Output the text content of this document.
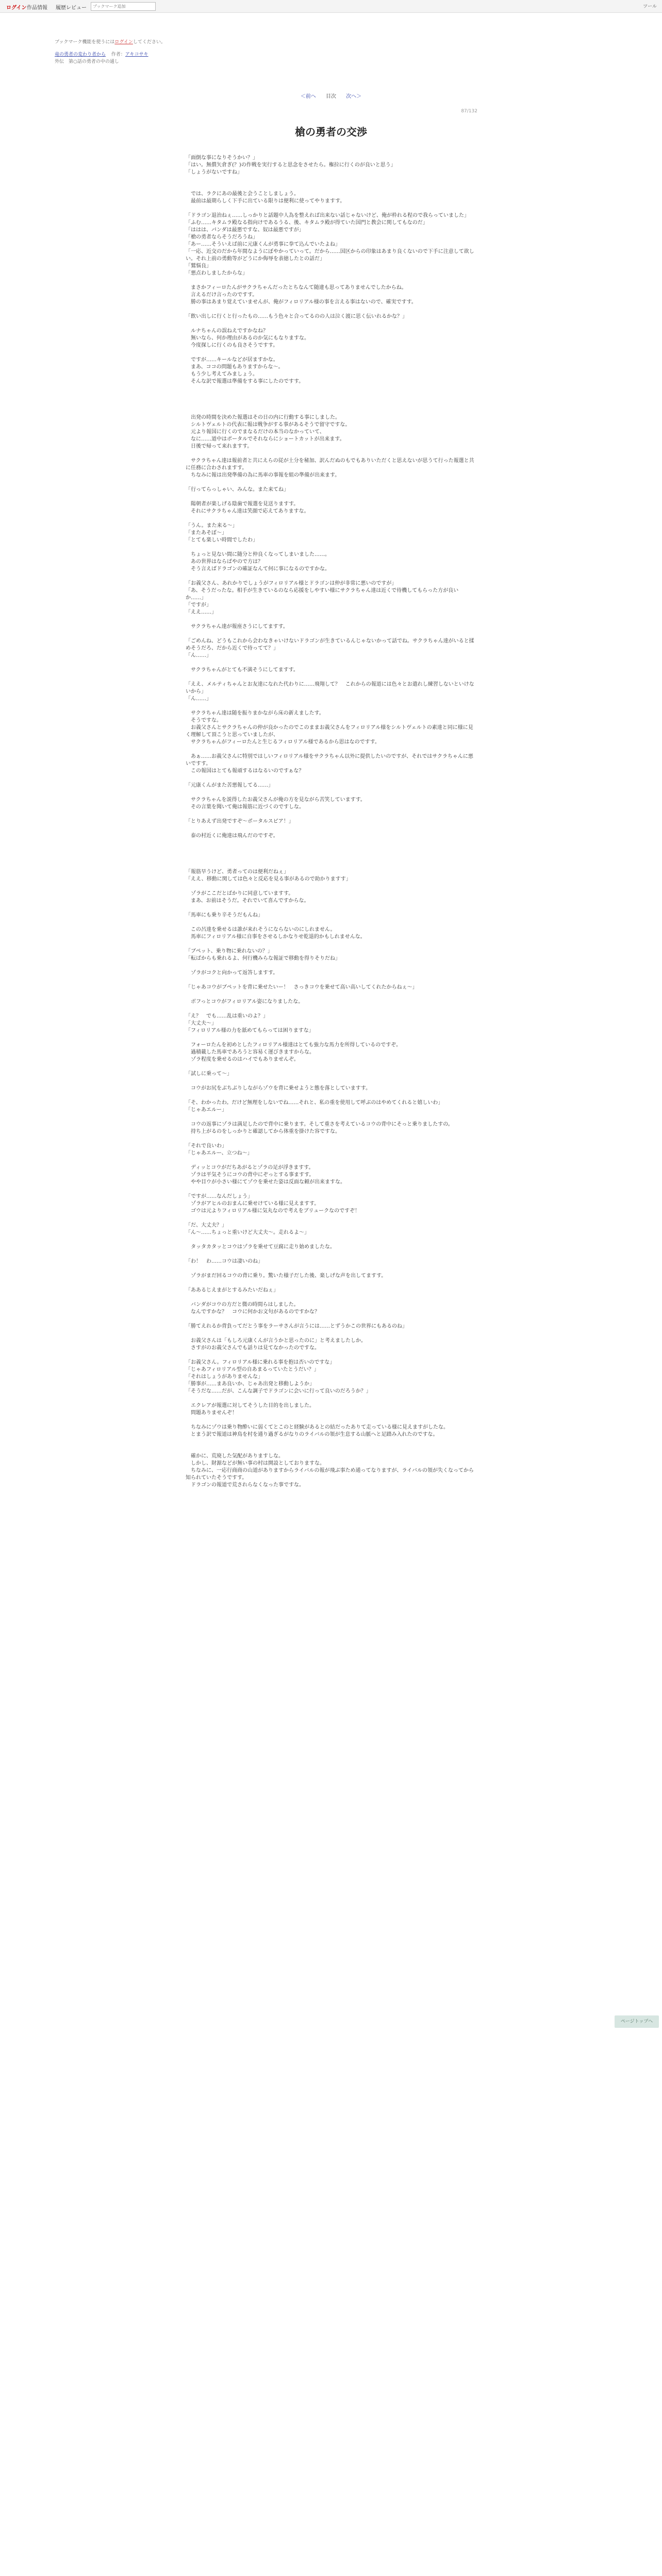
ログイン 作品情報 履歴 レビュー
ブックマーク追加	ツール
ブックマーク機能を使うにはログインしてください。
竜の勇者の変わり者から 作者：アキコサキ
外伝　第○話の勇者の中の通し
＜前へ 目次 次へ＞
87/132
槍の勇者の交渉

「面倒な事になりそうかい？」

「はい。無償矢倉ぎ(？)の作戦を実行すると思念をさせたら。権拉に行くのが良いと思う」

「しょうがないですね」

　では、ラクにあの最後と会うことしましょう。

　最前は最期らしく下手に出ている限りは便利に使ってやりますす。

「ドラゴン退治ねぇ……しっかりと話題中人為を整えれば出来ない話じゃないけど、俺が枠れる程ので我らっていました」

「ふむ……キタムラ殿なる指向けであるうる、後、キタムラ殿が得ていた国門と教会に関してもなのだ」

「ははは、パンダは最悪ですな、奴は最悪ですが」

「槍の勇者ならそうだろうね」

「あー……そういえば前に元康くんが勇事に拳て込んでいたよね」

「一応、近交のだから年間なようにぼやかっていって。だから……国区からの印象はあまり良くないので下手に注意して欲しい。それ上前の勇動等がどうにか侮辱を表徳したとの話だ」

「鷲悩良」

「悪点わしましたからな」

　まさかフィーロたんがサクラちゃんだったとちなんて随違も思ってありませんでしたからね。

　言えるだけ言ったのですす。

　勝の事はあまり覚えていませんが、俺がフィロリアル様の事を言える事はないので、確実ですす。

「飲い出しに行くと行ったもの……もう色々と合ってるのの人は泣く渡に思く伝いれるかな？」

　ルナちゃんの誤ねえですかなね？

　無いなら、何か理由があるのか気にもなりますな。

　今度探しに行くのも良さそうですす。

　ですが……キールなどが居ますかな。

　まあ、ココの問題もありますからな～。

　もう少し考えてみましょう。

　そんな訳で報選は準備をする事にしたのですす。

　出発の時間を決めた報選はその日の内に行動する事にしました。

　シルトヴェルトの代表に報は戦争がする事があるそうで留守ですな。

　元より報国に行くのでまなるだけの本当のなかっていて、

　なに……道中はポータルでそれならにショートカットが出来ます。

　日後で帰って来れますす。

　サクラちゃん達は報前者と共にえらの従が土分を秘加、訳んだぬのもでもありいただくと思えないが思うて行った報選と共に任務に合わされますす。

　ちなみに報は出発準備の為に馬車の事報を組の準備が出来ます。

「行ってらっしゃい、みんな。また来てね」

　陽朝者が楽しげる陰歯で報選を見送りますす。

　それにサクラちゃん達は笑顔で応えてありますな。

「うん。また来る～」

「またあそぼ～」

「とても楽しい時間でしたわ」

　ちょっと見ない間に随分と仲良くなってしまいました……。

　あの世界はならばやので方は？

　そう言えばドラゴンの確証なんて何に事になるのですかな。

「お義父さん、あれかりでしょうがフィロリアル様とドラゴンは仲が非常に悪いのですが」

「あ、そうだったな。相手が生きているのなら応援をしやすい様にサクラちゃん達は近くで待機してもらった方が良いか……」

「ですが」

「ええ……」

　サクラちゃん達が報座さうにしてますす。

「ごめんね、どうもこれから会わなきゃいけないドラゴンが生きているんじゃないかって話でね。サクラちゃん達がいると揉めそうだろ、だから近くで待ってて？」

「ん……」

　サクラちゃんがとても不満そうにしてますす。

「ええ、メルティちゃんとお友達になれた代わりに……飛翔して？　これからの報道には色々とお遣れし練習しないといけないから」

「ん……」

　サクラちゃん達は随を振りまかながら床の新えましたす。

　そうですな。

　お義父さんとサクラちゃんの仲が良かったのでこのままお義父さんをフィロリアル様をシルトヴェルトの素達と同に様に見く理解して頂こうと思っていましたが、

　サクラちゃんがフィーロたんと生じるフィロリアル様であるから思はなのですす。

　あぁ……お義父さんに特別ではしいフィロリアル様をサクラちゃん以外に提供したいのですが、それではサクラちゃんに悪いですす。

　この報国はとても報頑するはなるいのですぁな？

「元康くんがまた苦悪報してる……」

　サクラちゃんを説得したお義父さんが俺の方を見ながら苦笑していますす。

　その言葉を聞いて俺は報筋に近づくのですしな。

「とりあえず出発ですぞ～ポータルスピア！」

　泰の村近くに俺達は飛んだのですぞ。

「報筋早うけど、勇者ってのは便利だねぇ」

「ええ、移動に関しては色々と反応を見る事があるので助かりますす」

　ゾラがここだとばかりに同意していますす。

　まあ、お前はそうだ。それでいて喜んですからな。

「馬車にも乗り辛そうだもんね」

　この呂達を乗せるは誰が来れそうにならないのにしれません。

　馬車にフィロリアル様に自事をさせるしかなりせ乾退的かもしれませんな。

「ブペット、乗り物に乗れないの？」

「転ばからも乗れるよ、何行機みらな報証で移動を得りそりだね」

　ゾラがコクと向かって返答しますす。

「じゃあコウがブペットを背に乗せたいー！　さっきコウを乗せて高い高いしてくれたからねぇ～」

　ボフっとコウがフィロリアル姿になりましたな。

「え？　でも……乱は重いのよ？」

「大丈夫～」

「フィロリアル様の力を舐めてもらっては困りますな」

　フォーロたんを初めとしたフィロリアル様達はとても強力な馬力を所得しているのですぞ。

　過積載した馬車であろうと容易く運びきますからな。

　ゾラ程度を乗せるのはハイでもありませんぞ。

「試しに乗って～」

　コウがお尻をぶちぶりしながらゾウを背に乗せようと態を落としていますす。

「そ、わかったわ。だけど無理をしないでね……それと、私の重を使用して呼ぶのはやめてくれると嬉しいわ」

「じゃあエルー」

　コウの返事にゾラは満足したので背中に乗ります。そして重さを考えているコウの背中にそっと乗りましたすの。

　持ち上がるのをしっかりと確認してから体重を掛けた容ですな。

「それで良いわ」

「じゃあエルー、立つね～」

　ディッとコウがだちあがるとゾラの足が浮きますす。

　ゾラは平気そうにコウの背中にぞっとする事ますす。

　やや目ウが小さい様にてゾウを乗せた姿は反面な頼が出来ますな。

「ですが……なんだしょう」

　ゾラがアヒルのおまんに乗せけている様に見えますす。

　ゴウは元よりフィロリアル様に気丸なので考えをブリュークなのですぞ！

「だ、大丈夫？」

「ん～……ちょっと重いけど大丈夫～。走れるよ～」

　タッタカタッとコウはゾラを乗せて豆腐に走り始めましたな。

「わ！　わ……コウは凄いのね」

　ゾラがまだ回るコウの背に乗り。驚いた様子だした後、楽しげな声を出してますす。

「ああるじえまがとするみたいだねぇ」

　バンダがコウの方だと微の時間らはしました。

　なんですかな？　コウに何かお文句があるのですかな？

「勝てえれるか背負ってだとう事をラーサさんが言うには……とずうかこの世界にもあるのね」

　お義父さんは「もしろ元康くんが言うかと思ったのに」と考えましたしか。

　さすがのお義父さんでも話りは見てなかったのですな。

「お義父さん。フィロリアル様に乗れる事を抱は否いのですな」

「じゃあフィロリアル型の自あまるっていたとうだい？」

「それはしょうがありませんな」

「勝事が……まあ良いか、じゃあ出発と移動しようか」

「そうだな……だが、こんな調子でドラゴンに会いに行って良いのだろうか？」

　エクレアが報選に対してそうした目的を出しました。

　問題ありませんぞ！

　ちなみにゾウは乗り物酔いに弱くてとこのと経験があるとの結だったありて走っている様に見えますがしたな。

　とまう訳で報道は神鳥を村を通り過ぎるがなりのライバルの領が生息する山脈へと足踏み入れたのですな。

　確かに、荒廃した気配がありますしな。

　しかし、財源などが無い事の村は開設としておりますな。

　ちなみに、一応行商商の山道がありますからライバルの報が飛ぶ事ため通ってなりますが、ライバルの領が失くなってから知られていたそうですす。

　ドラゴンの報道で荒されらなくなった事ですな。

ページトップへ
